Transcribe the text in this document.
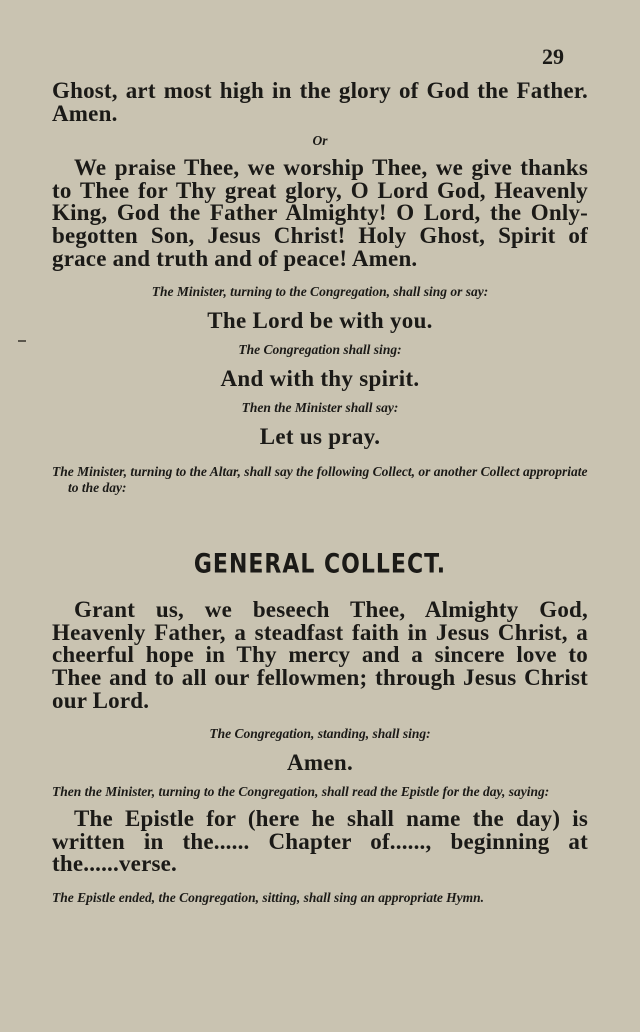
29

Ghost, art most high in the glory of God the Father. Amen.

Or

We praise Thee, we worship Thee, we give thanks to Thee for Thy great glory, O Lord God, Heavenly King, God the Father Almighty! O Lord, the Only-begotten Son, Jesus Christ! Holy Ghost, Spirit of grace and truth and of peace! Amen.

The Minister, turning to the Congregation, shall sing or say:

The Lord be with you.

The Congregation shall sing:

And with thy spirit.

Then the Minister shall say:

Let us pray.

The Minister, turning to the Altar, shall say the following Collect, or another Collect appropriate to the day:

GENERAL COLLECT.

Grant us, we beseech Thee, Almighty God, Heavenly Father, a steadfast faith in Jesus Christ, a cheerful hope in Thy mercy and a sincere love to Thee and to all our fellowmen; through Jesus Christ our Lord.

The Congregation, standing, shall sing:

Amen.

Then the Minister, turning to the Congregation, shall read the Epistle for the day, saying:

The Epistle for (here he shall name the day) is written in the...... Chapter of......, beginning at the......verse.

The Epistle ended, the Congregation, sitting, shall sing an appropriate Hymn.
